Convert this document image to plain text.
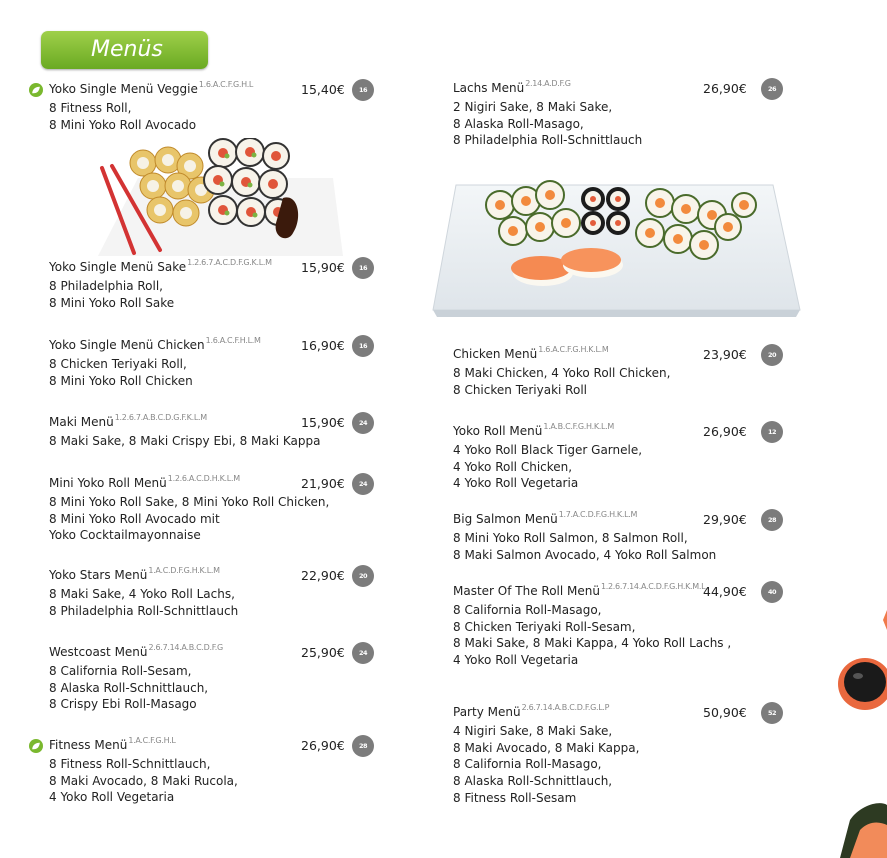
Menüs
Yoko Single Menü Veggie$^{1.6.A.C.F.G.H.L}$
8 Fitness Roll,
8 Mini Yoko Roll Avocado
15,40€	16 Stk.
Yoko Single Menü Sake$^{1.2.6.7.A.C.D.F.G.K.L.M}$
8 Philadelphia Roll,
8 Mini Yoko Roll Sake
15,90€	16 Stk.
Yoko Single Menü Chicken$^{1.6.A.C.F.H.L.M}$
8 Chicken Teriyaki Roll,
8 Mini Yoko Roll Chicken
16,90€	16 Stk.
Maki Menü$^{1.2.6.7.A.B.C.D.G.F.K.L.M}$
8 Maki Sake, 8 Maki Crispy Ebi, 8 Maki Kappa
15,90€	24 Stk.
Mini Yoko Roll Menü$^{1.2.6.A.C.D.H.K.L.M}$
8 Mini Yoko Roll Sake, 8 Mini Yoko Roll Chicken,
8 Mini Yoko Roll Avocado mit
Yoko Cocktailmayonnaise
21,90€	24 Stk.
Yoko Stars Menü$^{1.A.C.D.F.G.H.K.L.M}$
8 Maki Sake, 4 Yoko Roll Lachs,
8 Philadelphia Roll-Schnittlauch
22,90€	20 Stk.
Westcoast Menü$^{2.6.7.14.A.B.C.D.F.G}$
8 California Roll-Sesam,
8 Alaska Roll-Schnittlauch,
8 Crispy Ebi Roll-Masago
25,90€	24 Stk.
Fitness Menü$^{1.A.C.F.G.H.L}$
8 Fitness Roll-Schnittlauch,
8 Maki Avocado, 8 Maki Rucola,
4 Yoko Roll Vegetaria
26,90€	28 Stk.
Lachs Menü$^{2.14.A.D.F.G}$
2 Nigiri Sake, 8 Maki Sake,
8 Alaska Roll-Masago,
8 Philadelphia Roll-Schnittlauch
26,90€	26 Stk.
Chicken Menü$^{1.6.A.C.F.G.H.K.L.M}$
8 Maki Chicken, 4 Yoko Roll Chicken,
8 Chicken Teriyaki Roll
23,90€	20 Stk.
Yoko Roll Menü$^{1.A.B.C.F.G.H.K.L.M}$
4 Yoko Roll Black Tiger Garnele,
4 Yoko Roll Chicken,
4 Yoko Roll Vegetaria
26,90€	12 Stk.
Big Salmon Menü$^{1.7.A.C.D.F.G.H.K.L.M}$
8 Mini Yoko Roll Salmon, 8 Salmon Roll,
8 Maki Salmon Avocado, 4 Yoko Roll Salmon
29,90€	28 Stk.
Master Of The Roll Menü$^{1.2.6.7.14.A.C.D.F.G.H.K.M.L}$
8 California Roll-Masago,
8 Chicken Teriyaki Roll-Sesam,
8 Maki Sake, 8 Maki Kappa, 4 Yoko Roll Lachs ,
4 Yoko Roll Vegetaria
44,90€	40 Stk.
Party Menü$^{2.6.7.14.A.B.C.D.F.G.L.P}$
4 Nigiri Sake, 8 Maki Sake,
8 Maki Avocado, 8 Maki Kappa,
8 California Roll-Masago,
8 Alaska Roll-Schnittlauch,
8 Fitness Roll-Sesam
50,90€	52 Stk.
